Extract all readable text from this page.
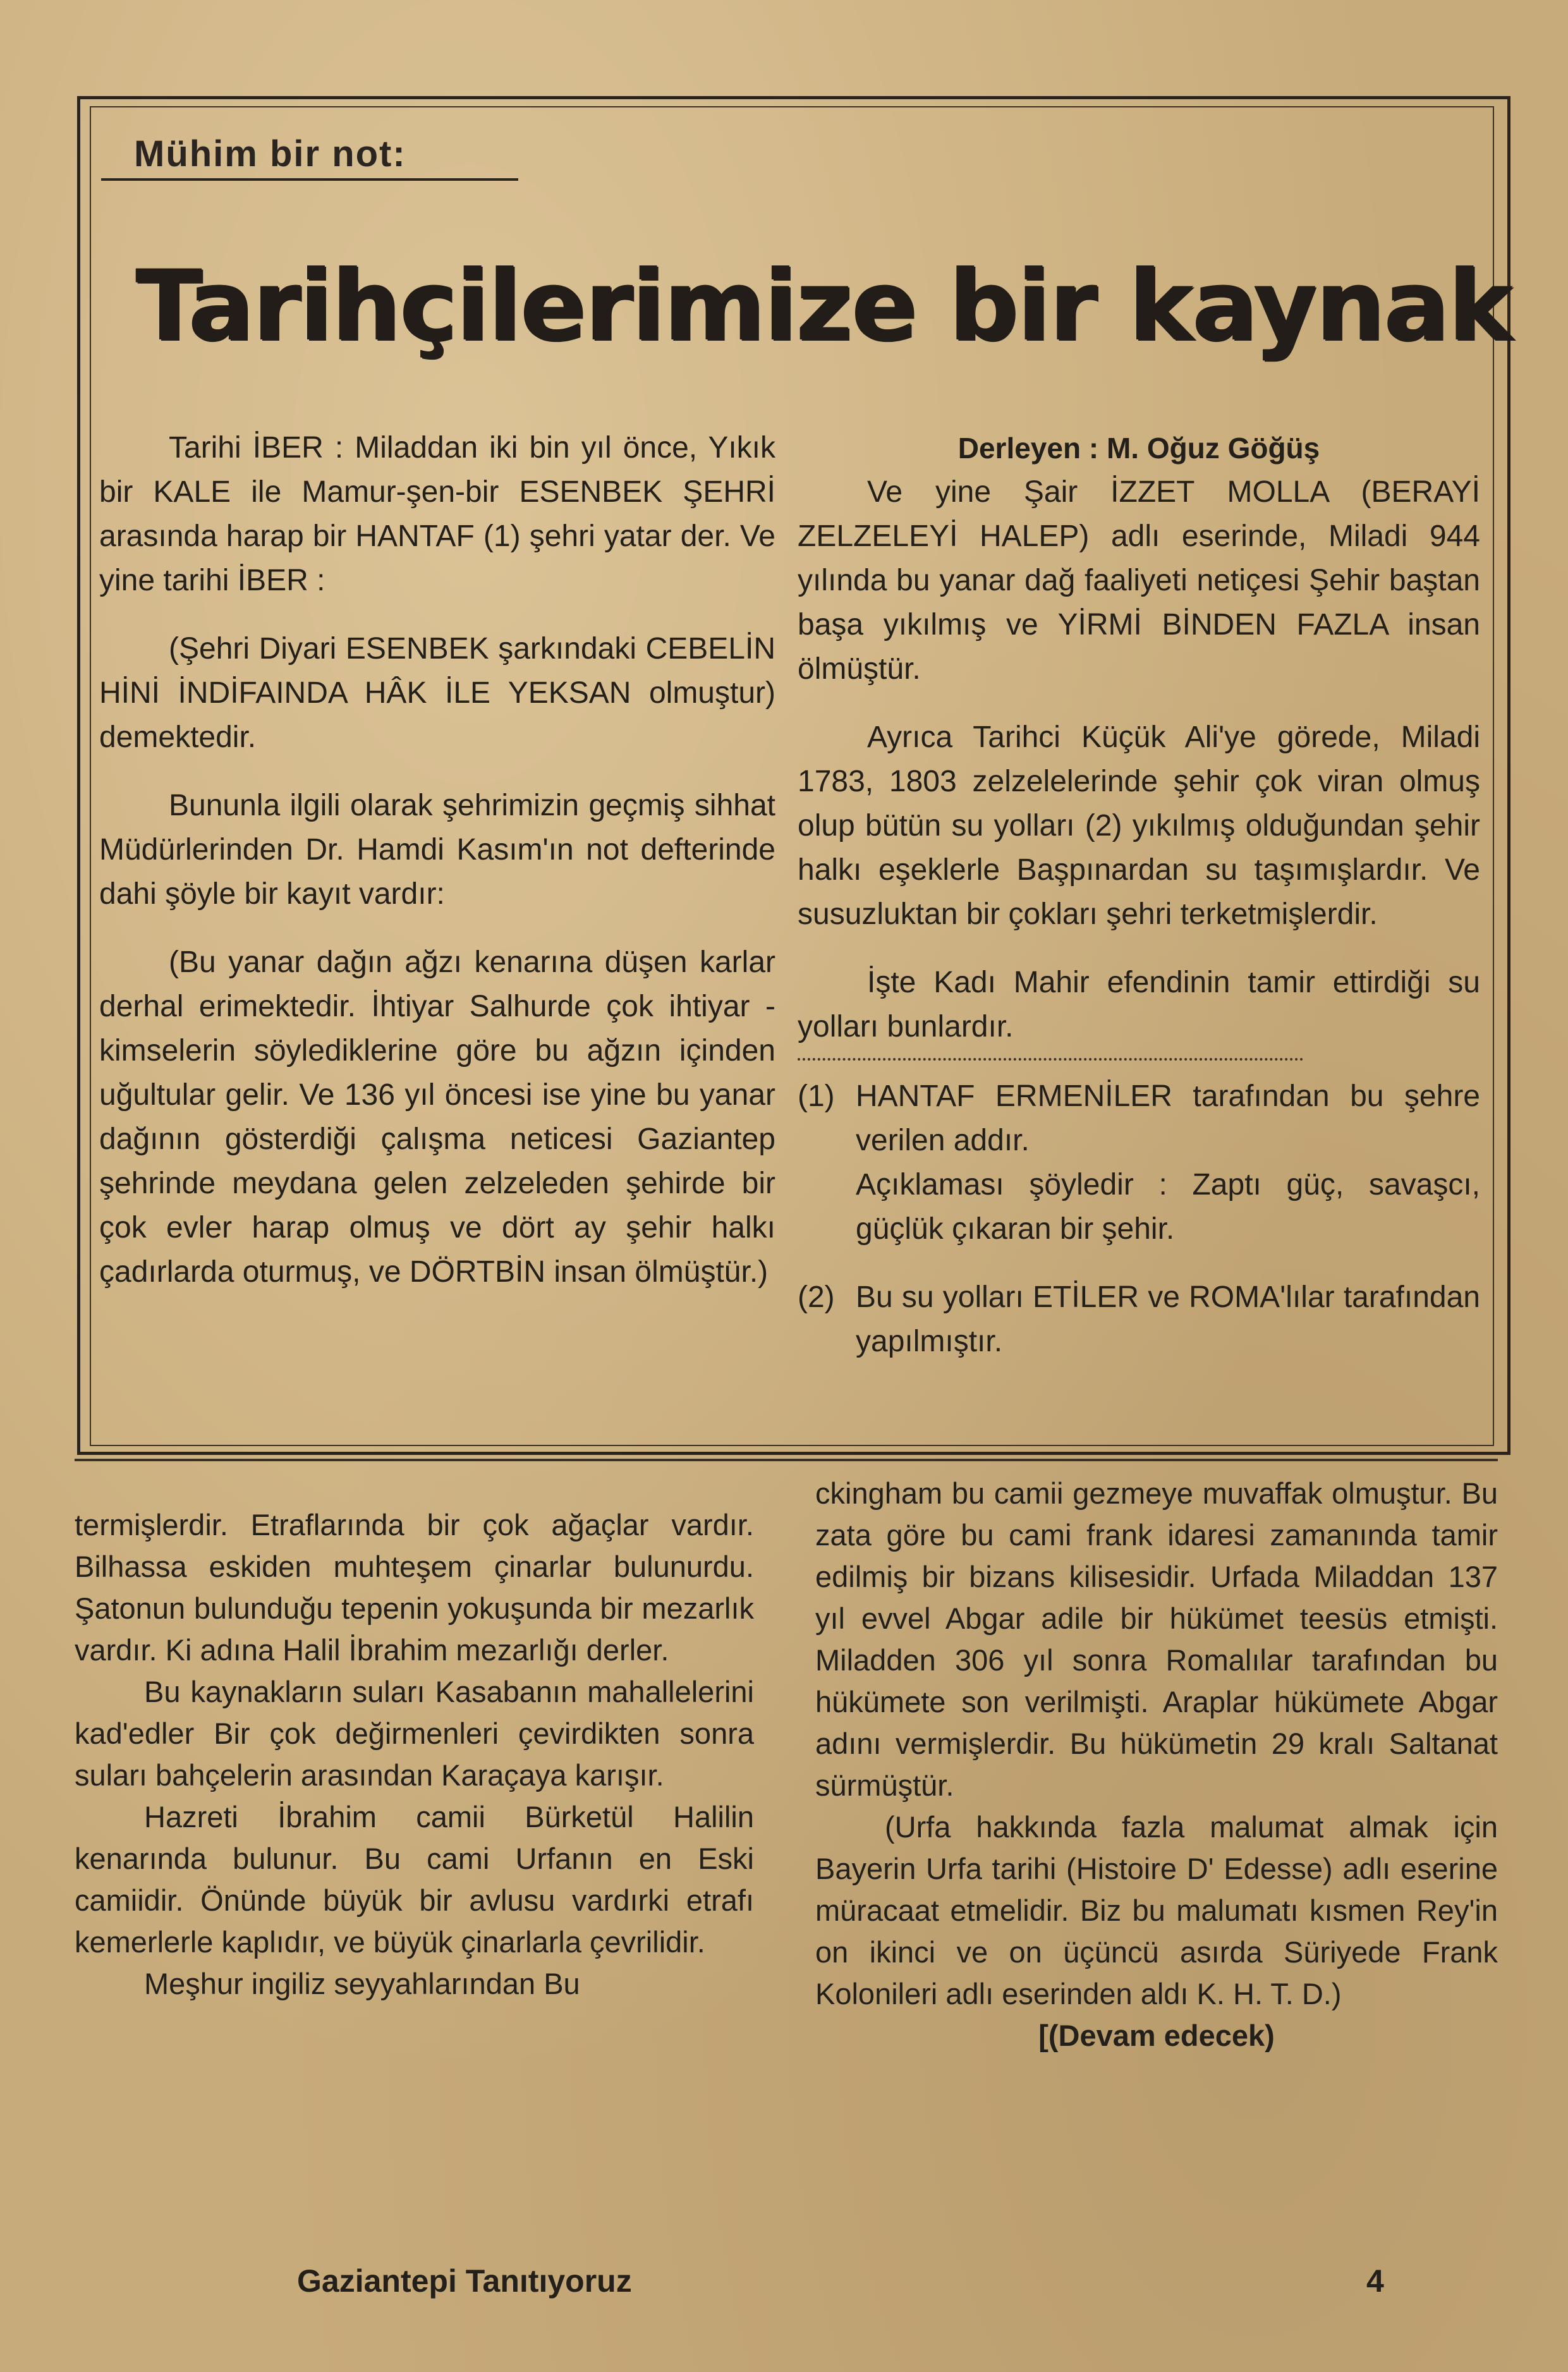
Mühim bir not:
Tarihçilerimize bir kaynak

Tarihi İBER : Miladdan iki bin yıl önce, Yıkık bir KALE ile Mamur-şen-bir ESENBEK ŞEHRİ arasında harap bir HANTAF (1) şehri yatar der. Ve yine tarihi İBER :

(Şehri Diyari ESENBEK şarkındaki CEBELİN HİNİ İNDİFAINDA HÂK İLE YEKSAN olmuştur) demektedir.

Bununla ilgili olarak şehrimizin geçmiş sihhat Müdürlerinden Dr. Hamdi Kasım'ın not defterinde dahi şöyle bir kayıt vardır:

(Bu yanar dağın ağzı kenarına düşen karlar derhal erimektedir. İhtiyar Salhurde çok ihtiyar - kimselerin söylediklerine göre bu ağzın içinden uğultular gelir. Ve 136 yıl öncesi ise yine bu yanar dağının gösterdiği çalışma neticesi Gaziantep şehrinde meydana gelen zelzeleden şehirde bir çok evler harap olmuş ve dört ay şehir halkı çadırlarda oturmuş, ve DÖRTBİN insan ölmüştür.)

Derleyen : M. Oğuz Göğüş

Ve yine Şair İZZET MOLLA (BERAYİ ZELZELEYİ HALEP) adlı eserinde, Miladi 944 yılında bu yanar dağ faaliyeti netiçesi Şehir baştan başa yıkılmış ve YİRMİ BİNDEN FAZLA insan ölmüştür.

Ayrıca Tarihci Küçük Ali'ye görede, Miladi 1783, 1803 zelzelelerinde şehir çok viran olmuş olup bütün su yolları (2) yıkılmış olduğundan şehir halkı eşeklerle Başpınardan su taşımışlardır. Ve susuzluktan bir çokları şehri terketmişlerdir.

İşte Kadı Mahir efendinin tamir ettirdiği su yolları bunlardır.

(1) HANTAF ERMENİLER tarafından bu şehre verilen addır.

Açıklaması şöyledir : Zaptı güç, savaşcı, güçlük çıkaran bir şehir.

(2) Bu su yolları ETİLER ve ROMA'lılar tarafından yapılmıştır.

termişlerdir. Etraflarında bir çok ağaçlar vardır. Bilhassa eskiden muhteşem çinarlar bulunurdu. Şatonun bulunduğu tepenin yokuşunda bir mezarlık vardır. Ki adına Halil İbrahim mezarlığı derler.

Bu kaynakların suları Kasabanın mahallelerini kad'edler Bir çok değirmenleri çevirdikten sonra suları bahçelerin arasından Karaçaya karışır.

Hazreti İbrahim camii Bürketül Halilin kenarında bulunur. Bu cami Urfanın en Eski camiidir. Önünde büyük bir avlusu vardırki etrafı kemerlerle kaplıdır, ve büyük çinarlarla çevrilidir.

Meşhur ingiliz seyyahlarından Bu

ckingham bu camii gezmeye muvaffak olmuştur. Bu zata göre bu cami frank idaresi zamanında tamir edilmiş bir bizans kilisesidir. Urfada Miladdan 137 yıl evvel Abgar adile bir hükümet teesüs etmişti. Miladden 306 yıl sonra Romalılar tarafından bu hükümete son verilmişti. Araplar hükümete Abgar adını vermişlerdir. Bu hükümetin 29 kralı Saltanat sürmüştür.

(Urfa hakkında fazla malumat almak için Bayerin Urfa tarihi (Histoire D' Edesse) adlı eserine müracaat etmelidir. Biz bu malumatı kısmen Rey'in on ikinci ve on üçüncü asırda Süriyede Frank Kolonileri adlı eserinden aldı K. H. T. D.)

[(Devam edecek)

Gaziantepi Tanıtıyoruz	4
